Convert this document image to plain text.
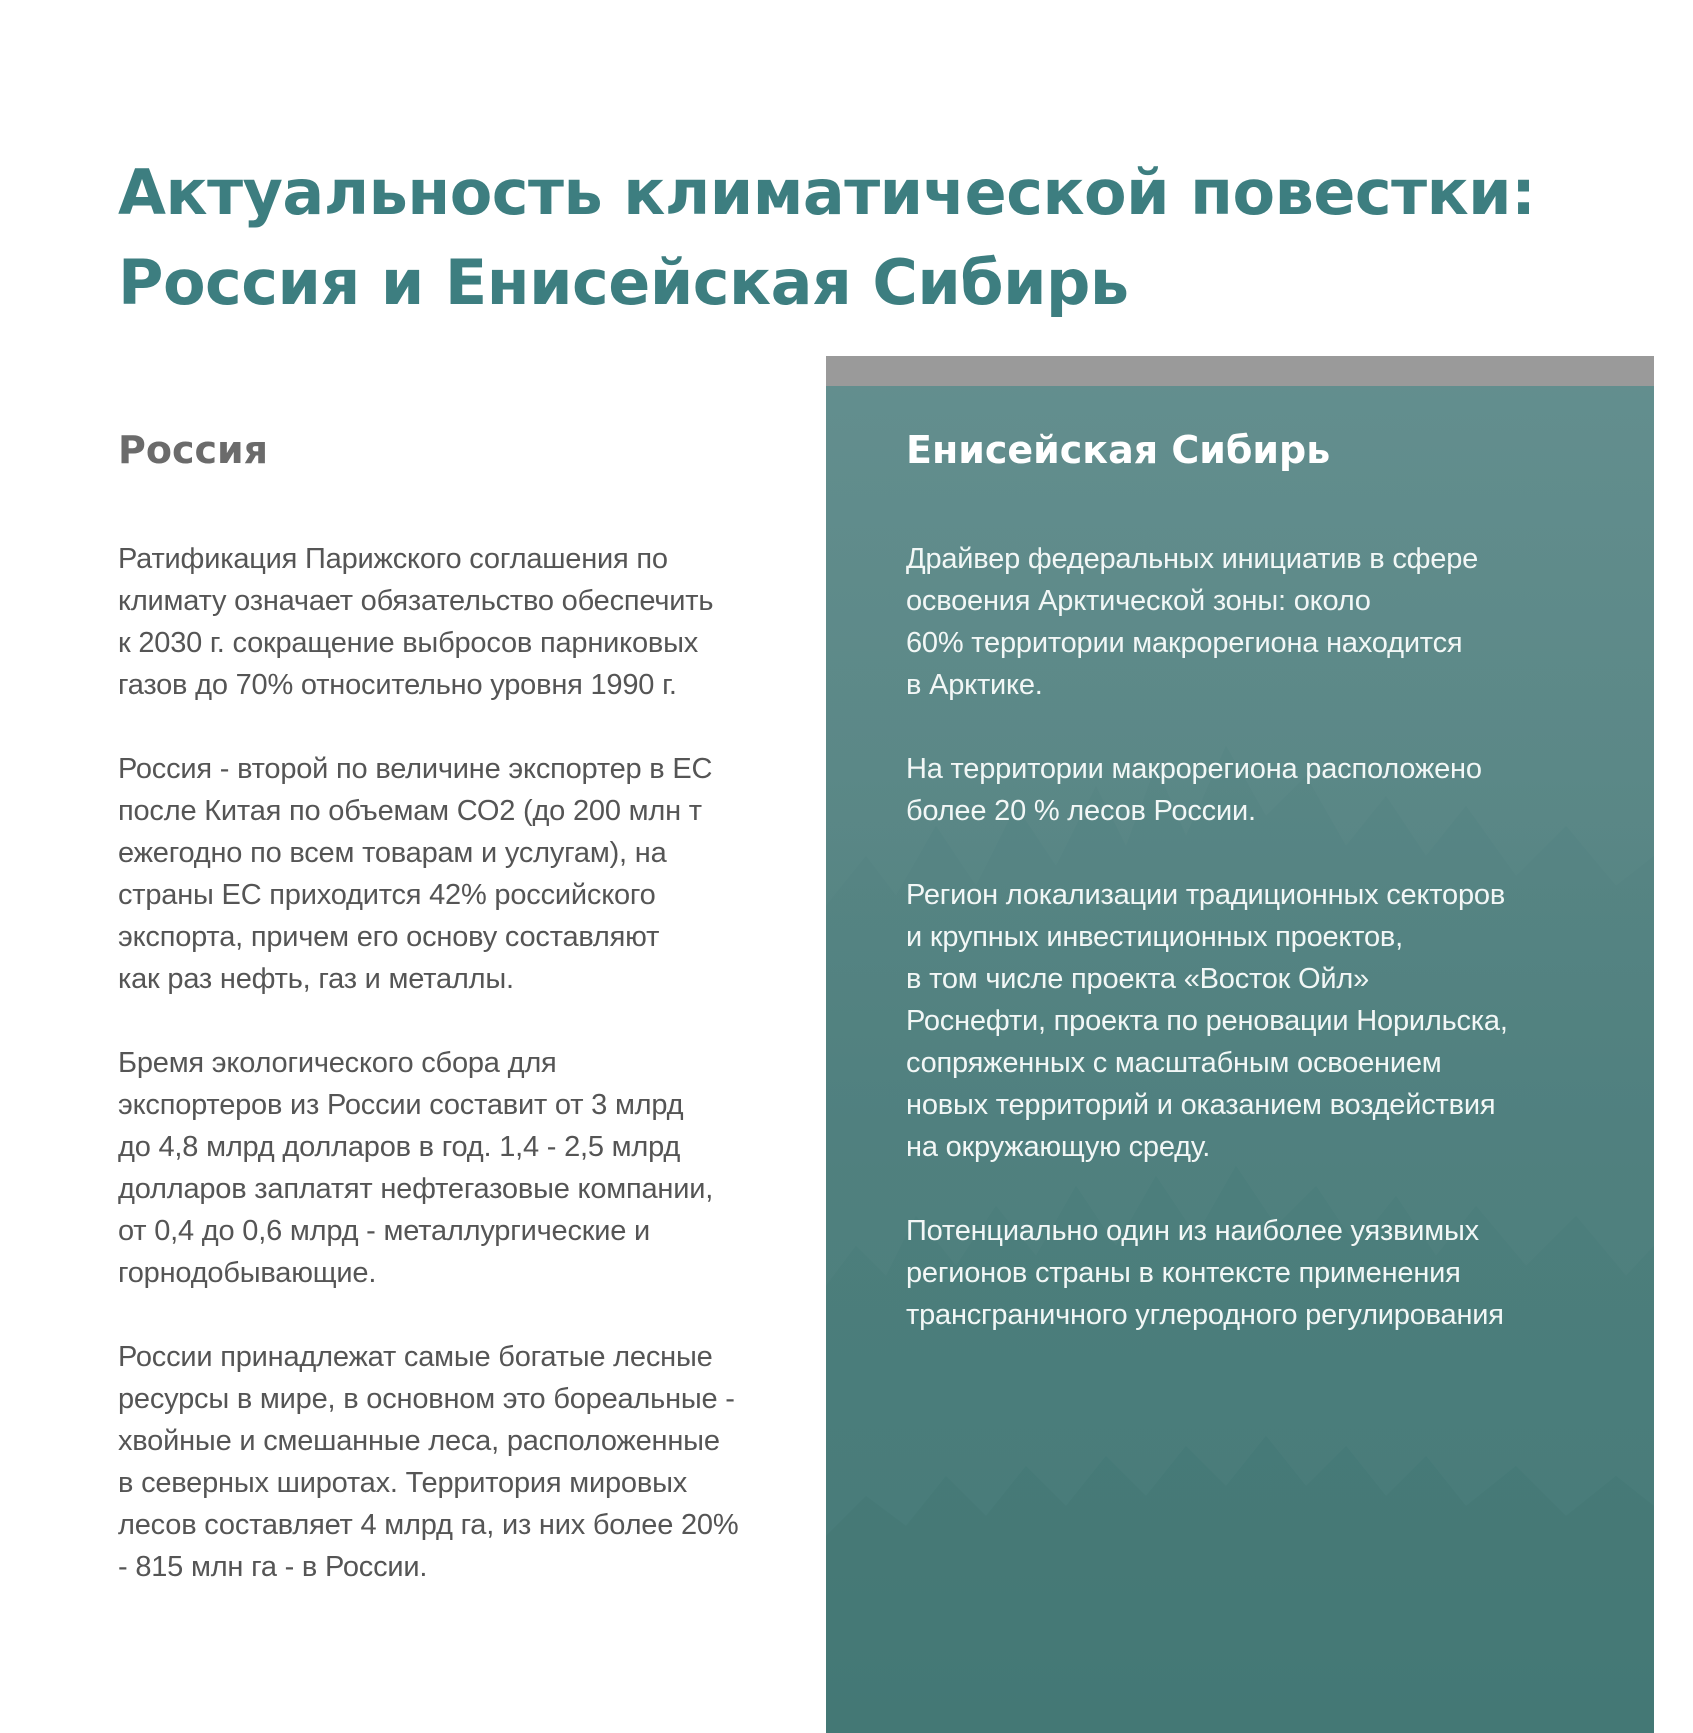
Актуальность климатической повестки:
Россия и Енисейская Сибирь
Россия

Ратификация Парижского соглашения по
климату означает обязательство обеспечить
к 2030 г. сокращение выбросов парниковых
газов до 70% относительно уровня 1990 г.

Россия - второй по величине экспортер в ЕС
после Китая по объемам СО2 (до 200 млн т
ежегодно по всем товарам и услугам), на
страны ЕС приходится 42% российского
экспорта, причем его основу составляют
как раз нефть, газ и металлы.

Бремя экологического сбора для
экспортеров из России составит от 3 млрд
до 4,8 млрд долларов в год. 1,4 - 2,5 млрд
долларов заплатят нефтегазовые компании,
от 0,4 до 0,6 млрд - металлургические и
горнодобывающие.

России принадлежат самые богатые лесные
ресурсы в мире, в основном это бореальные -
хвойные и смешанные леса, расположенные
в северных широтах. Территория мировых
лесов составляет 4 млрд га, из них более 20%
- 815 млн га - в России.

Енисейская Сибирь

Драйвер федеральных инициатив в сфере
освоения Арктической зоны: около
60% территории макрорегиона находится
в Арктике.

На территории макрорегиона расположено
более 20 % лесов России.

Регион локализации традиционных секторов
и крупных инвестиционных проектов,
в том числе проекта «Восток Ойл»
Роснефти, проекта по реновации Норильска,
сопряженных с масштабным освоением
новых территорий и оказанием воздействия
на окружающую среду.

Потенциально один из наиболее уязвимых
регионов страны в контексте применения
трансграничного углеродного регулирования
